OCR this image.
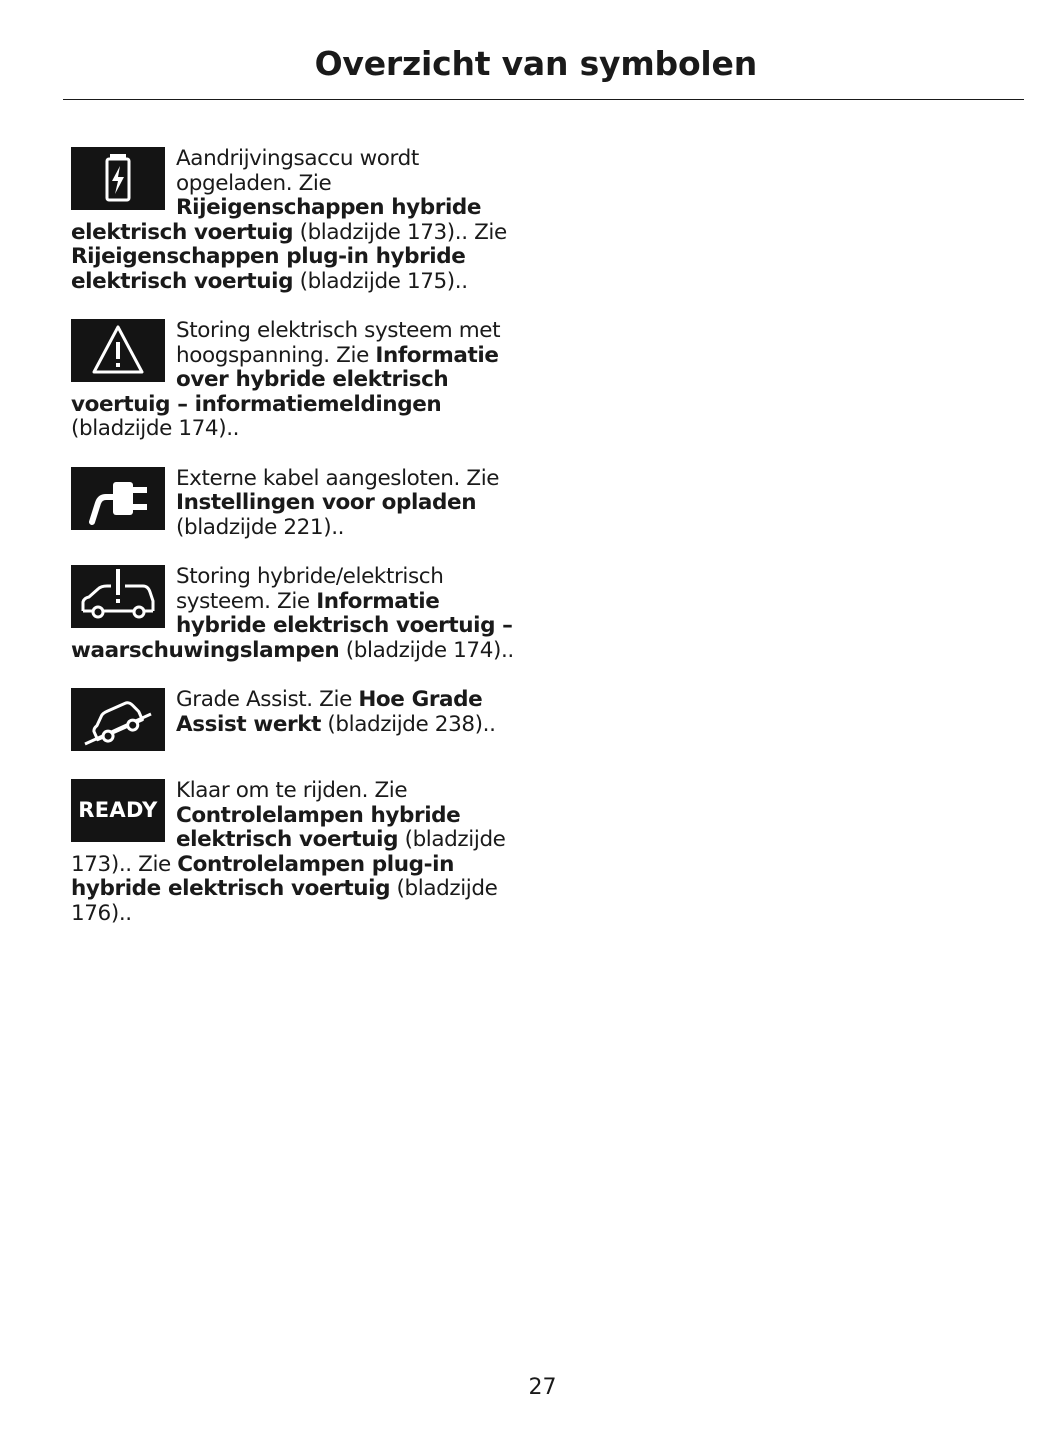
Overzicht van symbolen
Aandrijvingsaccu wordt opgeladen. Zie Rijeigenschappen hybride elektrisch voertuig (bladzijde 173).. Zie Rijeigenschappen plug-in hybride elektrisch voertuig (bladzijde 175)..
Storing elektrisch systeem met hoogspanning. Zie Informatie over hybride elektrisch voertuig – informatiemeldingen (bladzijde 174)..
Externe kabel aangesloten. Zie Instellingen voor opladen (bladzijde 221)..
Storing hybride/elektrisch systeem. Zie Informatie hybride elektrisch voertuig – waarschuwingslampen (bladzijde 174)..
Grade Assist. Zie Hoe Grade Assist werkt (bladzijde 238)..
READY
Klaar om te rijden. Zie Controlelampen hybride elektrisch voertuig (bladzijde 173).. Zie Controlelampen plug-in hybride elektrisch voertuig (bladzijde 176)..
27
